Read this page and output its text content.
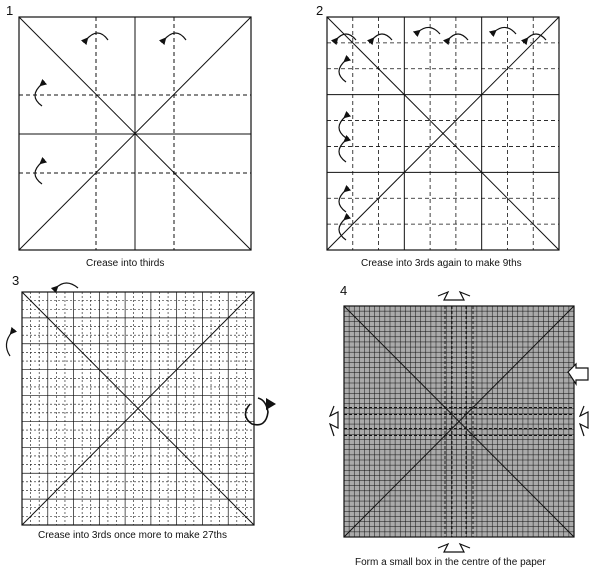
1	2
3
4
Crease into thirds	Crease into 3rds again to make 9ths
Crease into 3rds once more to make 27ths
Form a small box in the centre of the paper
